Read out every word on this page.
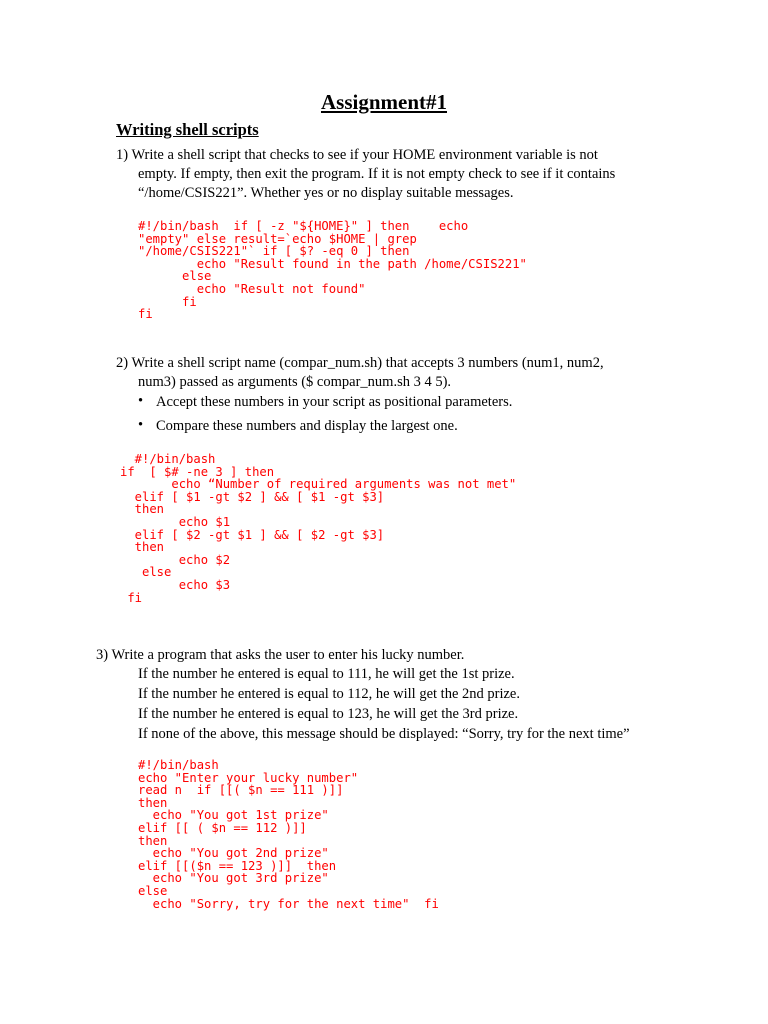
Assignment#1
Writing shell scripts
1) Write a shell script that checks to see if your HOME environment variable is not
empty. If empty, then exit the program. If it is not empty check to see if it contains
“/home/CSIS221”. Whether yes or no display suitable messages.
#!/bin/bash  if [ -z "${HOME}" ] then    echo
"empty" else result=`echo $HOME | grep
"/home/CSIS221"` if [ $? -eq 0 ] then
echo "Result found in the path /home/CSIS221"
else
echo "Result not found"
fi
fi
2) Write a shell script name (compar_num.sh) that accepts 3 numbers (num1, num2,
num3) passed as arguments ($ compar_num.sh 3 4 5).
• Accept these numbers in your script as positional parameters.
• Compare these numbers and display the largest one.
#!/bin/bash
if  [ $# -ne 3 ] then
echo “Number of required arguments was not met"
elif [ $1 -gt $2 ] && [ $1 -gt $3]
then
echo $1
elif [ $2 -gt $1 ] && [ $2 -gt $3]
then
echo $2
else
echo $3
fi
3) Write a program that asks the user to enter his lucky number.
If the number he entered is equal to 111, he will get the 1st prize.
If the number he entered is equal to 112, he will get the 2nd prize.
If the number he entered is equal to 123, he will get the 3rd prize.
If none of the above, this message should be displayed: “Sorry, try for the next time”
#!/bin/bash
echo "Enter your lucky number"
read n  if [[( $n == 111 )]]
then
echo "You got 1st prize"
elif [[ ( $n == 112 )]]
then
echo "You got 2nd prize"
elif [[($n == 123 )]]  then
echo "You got 3rd prize"
else
echo "Sorry, try for the next time"  fi
